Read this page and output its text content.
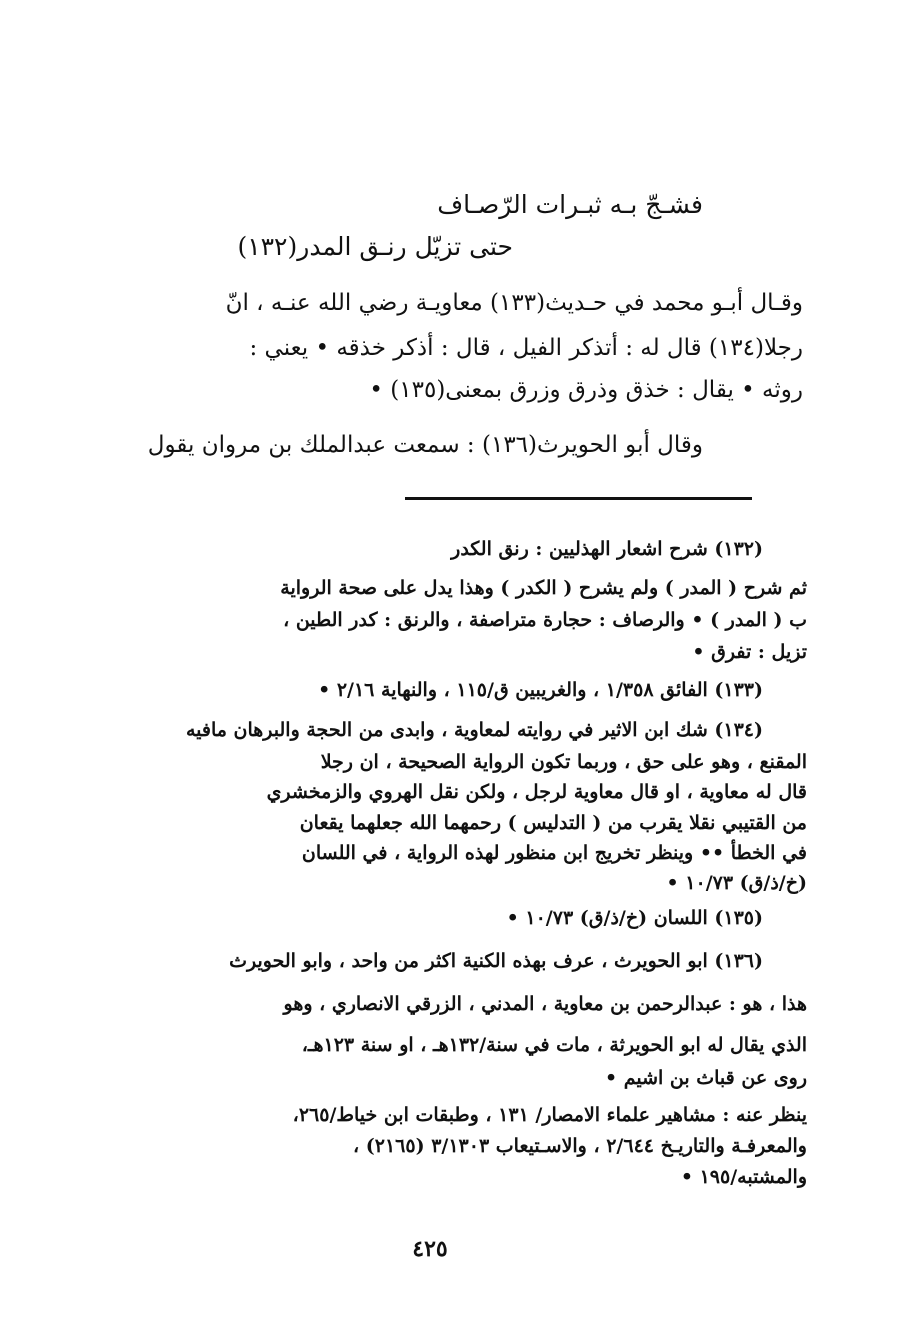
فشـجّ بـه ثبـرات الرّصـاف
حتى تزيّل رنـق المدر(١٣٢)
وقـال أبـو محمد في حـديث(١٣٣) معاويـة رضي الله عنـه ، انّ
رجلا(١٣٤) قال له : أتذكر الفيل ، قال : أذكر خذقه • يعني :
روثه • يقال : خذق وذرق وزرق بمعنى(١٣٥) •
وقال أبو الحويرث(١٣٦) : سمعت عبدالملك بن مروان يقول
(١٣٢) شرح اشعار الهذليين : رنق الكدر
ثم شرح ( المدر ) ولم يشرح ( الكدر ) وهذا يدل على صحة الرواية
ب ( المدر ) • والرصاف : حجارة متراصفة ، والرنق : كدر الطين ،
تزيل : تفرق •
(١٣٣) الفائق ١/٣٥٨ ، والغريبين ق/١١٥ ، والنهاية ٢/١٦ •
(١٣٤) شك ابن الاثير في روايته لمعاوية ، وابدى من الحجة والبرهان مافيه
المقنع ، وهو على حق ، وربما تكون الرواية الصحيحة ، ان رجلا
قال له معاوية ، او قال معاوية لرجل ، ولكن نقل الهروي والزمخشري
من القتيبي نقلا يقرب من ( التدليس ) رحمهما الله جعلهما يقعان
في الخطأ •• وينظر تخريج ابن منظور لهذه الرواية ، في اللسان
(خ/ذ/ق) ١٠/٧٣ •
(١٣٥) اللسان (خ/ذ/ق) ١٠/٧٣ •
(١٣٦) ابو الحويرث ، عرف بهذه الكنية اكثر من واحد ، وابو الحويرث
هذا ، هو : عبدالرحمن بن معاوية ، المدني ، الزرقي الانصاري ، وهو
الذي يقال له ابو الحويرثة ، مات في سنة/١٣٢هـ ، او سنة ١٢٣هـ،
روى عن قباث بن اشيم •
ينظر عنه : مشاهير علماء الامصار/ ١٣١ ، وطبقات ابن خياط/٢٦٥،
والمعرفـة والتاريـخ ٢/٦٤٤ ، والاسـتيعاب ٣/١٣٠٣ (٢١٦٥) ،
والمشتبه/١٩٥ •
٤٢٥
